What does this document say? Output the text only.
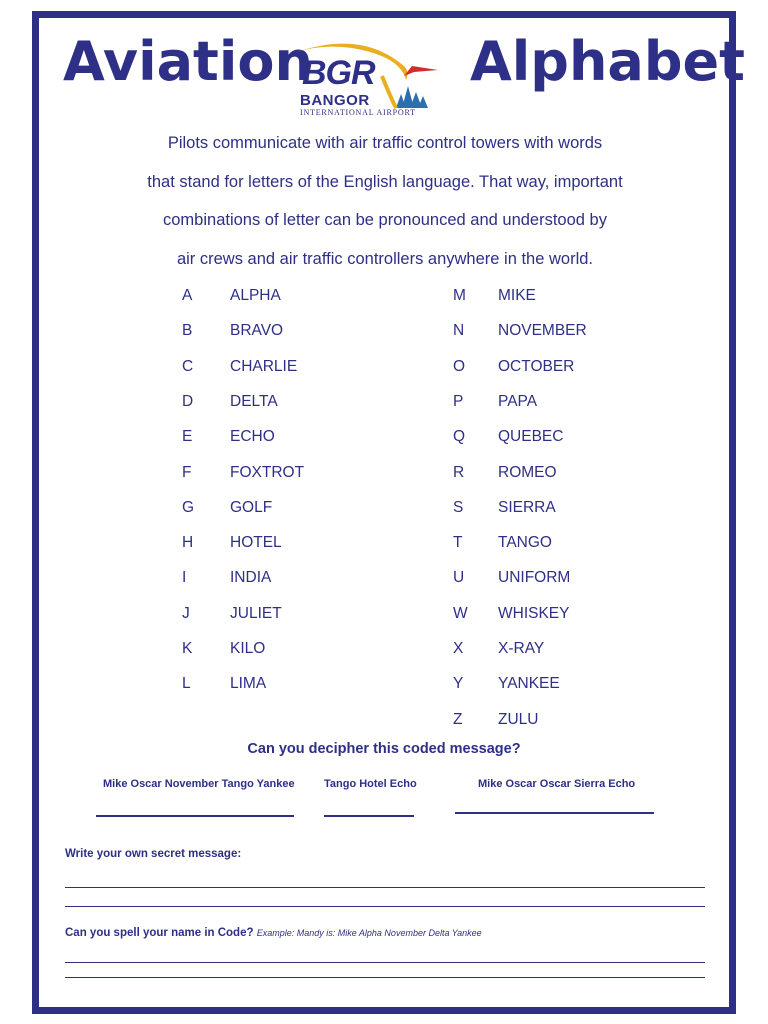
Aviation	Alphabet
BGR
BANGOR
INTERNATIONAL AIRPORT
Pilots communicate with air traffic control towers with words
that stand for letters of the English language. That way, important
combinations of letter can be pronounced and understood by
air crews and air traffic controllers anywhere in the world.
A ALPHA
B BRAVO
C CHARLIE
D DELTA
E ECHO
F FOXTROT
G GOLF
H HOTEL
I	INDIA
J	JULIET
K KILO
L	LIMA
M MIKE
N NOVEMBER
O OCTOBER
P PAPA
Q QUEBEC
R ROMEO
S SIERRA
T TANGO
U UNIFORM
W WHISKEY
X X-RAY
Y YANKEE
Z ZULU
Can you decipher this coded message?
Mike Oscar November Tango Yankee	Tango Hotel Echo	Mike Oscar Oscar Sierra Echo
Write your own secret message:
Can you spell your name in Code? Example: Mandy is: Mike Alpha November Delta Yankee
